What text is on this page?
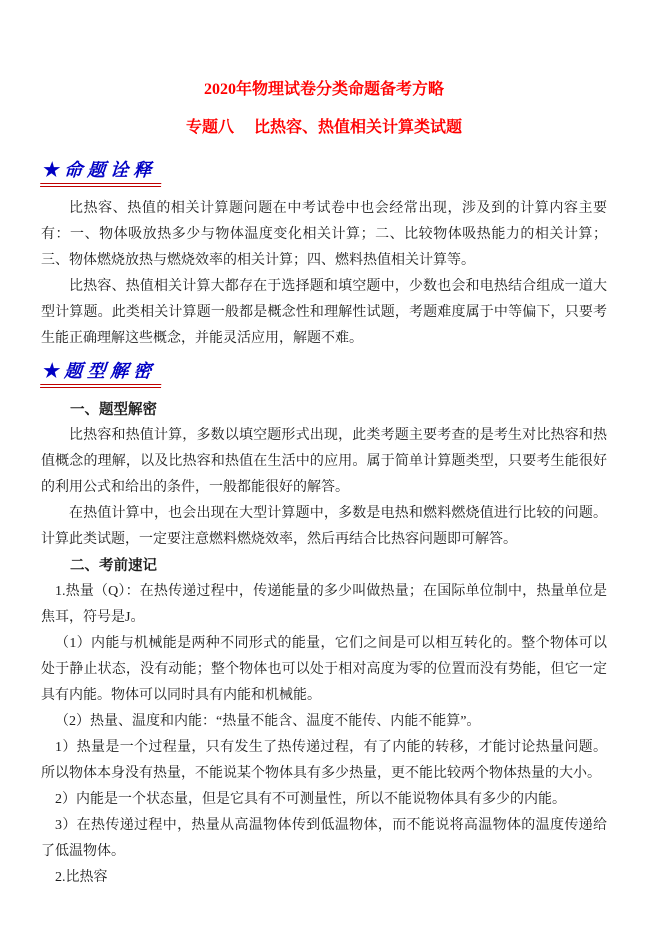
2020年物理试卷分类命题备考方略
专题八　 比热容、热值相关计算类试题
★ 命题诠释

比热容、热值的相关计算题问题在中考试卷中也会经常出现，涉及到的计算内容主要有：一、物体吸放热多少与物体温度变化相关计算；二、比较物体吸热能力的相关计算；三、物体燃烧放热与燃烧效率的相关计算；四、燃料热值相关计算等。

比热容、热值相关计算大都存在于选择题和填空题中，少数也会和电热结合组成一道大型计算题。此类相关计算题一般都是概念性和理解性试题，考题难度属于中等偏下，只要考生能正确理解这些概念，并能灵活应用，解题不难。

★ 题型解密

一、题型解密

比热容和热值计算，多数以填空题形式出现，此类考题主要考查的是考生对比热容和热值概念的理解，以及比热容和热值在生活中的应用。属于简单计算题类型，只要考生能很好的利用公式和给出的条件，一般都能很好的解答。

在热值计算中，也会出现在大型计算题中，多数是电热和燃料燃烧值进行比较的问题。计算此类试题，一定要注意燃料燃烧效率，然后再结合比热容问题即可解答。

二、考前速记

1.热量（Q）：在热传递过程中，传递能量的多少叫做热量；在国际单位制中，热量单位是焦耳，符号是J。

（1）内能与机械能是两种不同形式的能量，它们之间是可以相互转化的。整个物体可以处于静止状态，没有动能；整个物体也可以处于相对高度为零的位置而没有势能，但它一定具有内能。物体可以同时具有内能和机械能。

（2）热量、温度和内能：“热量不能含、温度不能传、内能不能算”。

1）热量是一个过程量，只有发生了热传递过程，有了内能的转移，才能讨论热量问题。所以物体本身没有热量，不能说某个物体具有多少热量，更不能比较两个物体热量的大小。

2）内能是一个状态量，但是它具有不可测量性，所以不能说物体具有多少的内能。

3）在热传递过程中，热量从高温物体传到低温物体，而不能说将高温物体的温度传递给了低温物体。

2.比热容
